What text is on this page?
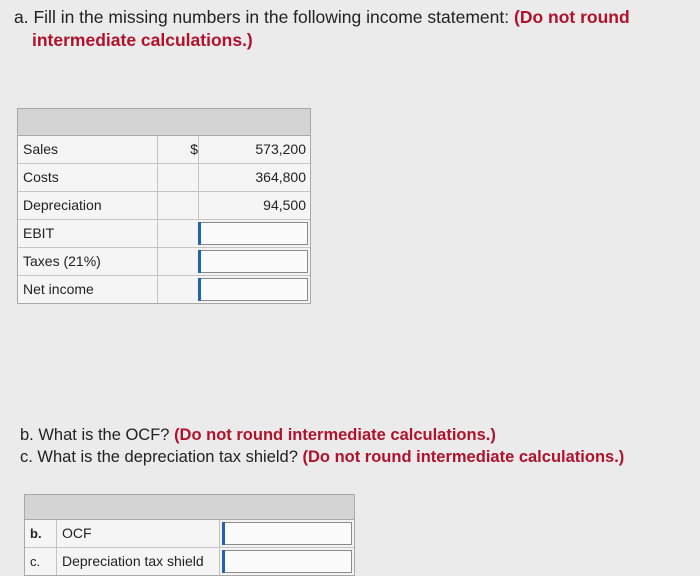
a. Fill in the missing numbers in the following income statement: (Do not round
intermediate calculations.)
Sales	$	573,200
Costs	364,800
Depreciation	94,500
EBIT
Taxes (21%)
Net income
b. What is the OCF? (Do not round intermediate calculations.)
c. What is the depreciation tax shield? (Do not round intermediate calculations.)
b.	OCF
c.	Depreciation tax shield
